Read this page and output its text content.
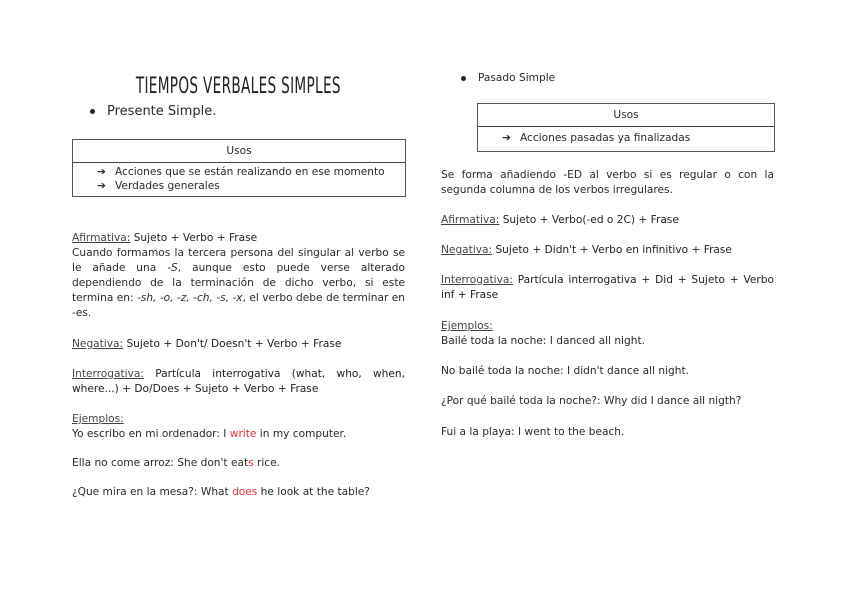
TIEMPOS VERBALES SIMPLES
Presente Simple.
Usos

➔ Acciones que se están realizando en ese momento

➔ Verdades generales

Afirmativa: Sujeto + Verbo + Frase

Cuando formamos la tercera persona del singular al verbo se le añade una -S, aunque esto puede verse alterado dependiendo de la terminación de dicho verbo, si este termina en: -sh, -o, -z, -ch, -s, -x, el verbo debe de terminar en -es.

Negativa: Sujeto + Don't/ Doesn't + Verbo + Frase

Interrogativa: Partícula interrogativa (what, who, when, where...) + Do/Does + Sujeto + Verbo + Frase

Ejemplos:

Yo escribo en mi ordenador: I write in my computer.

Ella no come arroz: She don't eats rice.

¿Que mira en la mesa?: What does he look at the table?

Pasado Simple
Usos

➔ Acciones pasadas ya finalizadas

Se forma añadiendo -ED al verbo si es regular o con la segunda columna de los verbos irregulares.

Afirmativa: Sujeto + Verbo(-ed o 2C) + Frase

Negativa: Sujeto + Didn't + Verbo en infinitivo + Frase

Interrogativa: Partícula interrogativa + Did + Sujeto + Verbo inf + Frase

Ejemplos:

Bailé toda la noche: I danced all night.

No bailé toda la noche: I didn't dance all night.

¿Por qué bailé toda la noche?: Why did I dance all nigth?

Fui a la playa: I went to the beach.
